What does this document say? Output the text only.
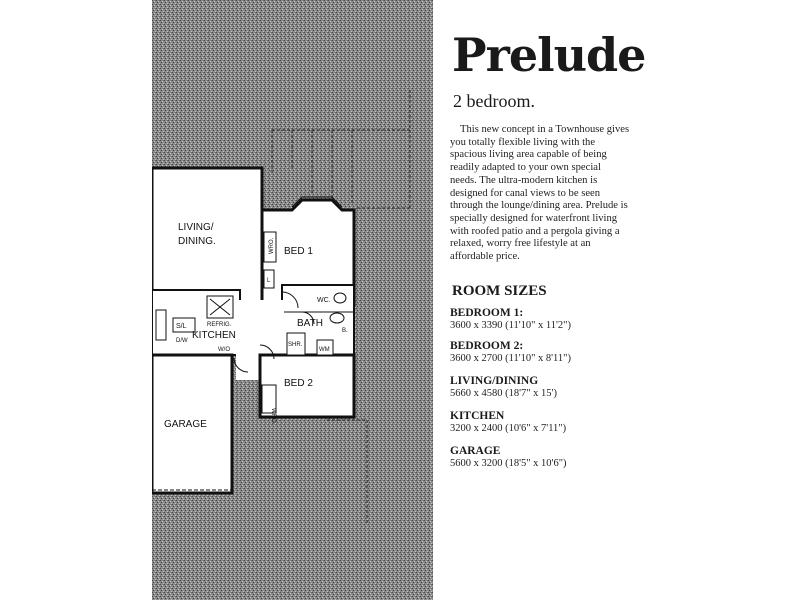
LIVING/
DINING.
BED 1
WRO.
L
WC.
BATH
B.
SHR.
WM
REFRIG.
S/L
D/W KITCHEN
W/O
BED 2
WRO.
GARAGE
Prelude
2 bedroom.
This new concept in a Townhouse gives you totally flexible living with the spacious living area capable of being readily adapted to your own special needs. The ultra-modern kitchen is designed for canal views to be seen through the lounge/dining area. Prelude is specially designed for waterfront living with roofed patio and a pergola giving a relaxed, worry free lifestyle at an affordable price.
ROOM SIZES
BEDROOM 1:
3600 x 3390 (11'10" x 11'2")
BEDROOM 2:
3600 x 2700 (11'10" x 8'11")
LIVING/DINING
5660 x 4580 (18'7" x 15')
KITCHEN
3200 x 2400 (10'6" x 7'11")
GARAGE
5600 x 3200 (18'5" x 10'6")
